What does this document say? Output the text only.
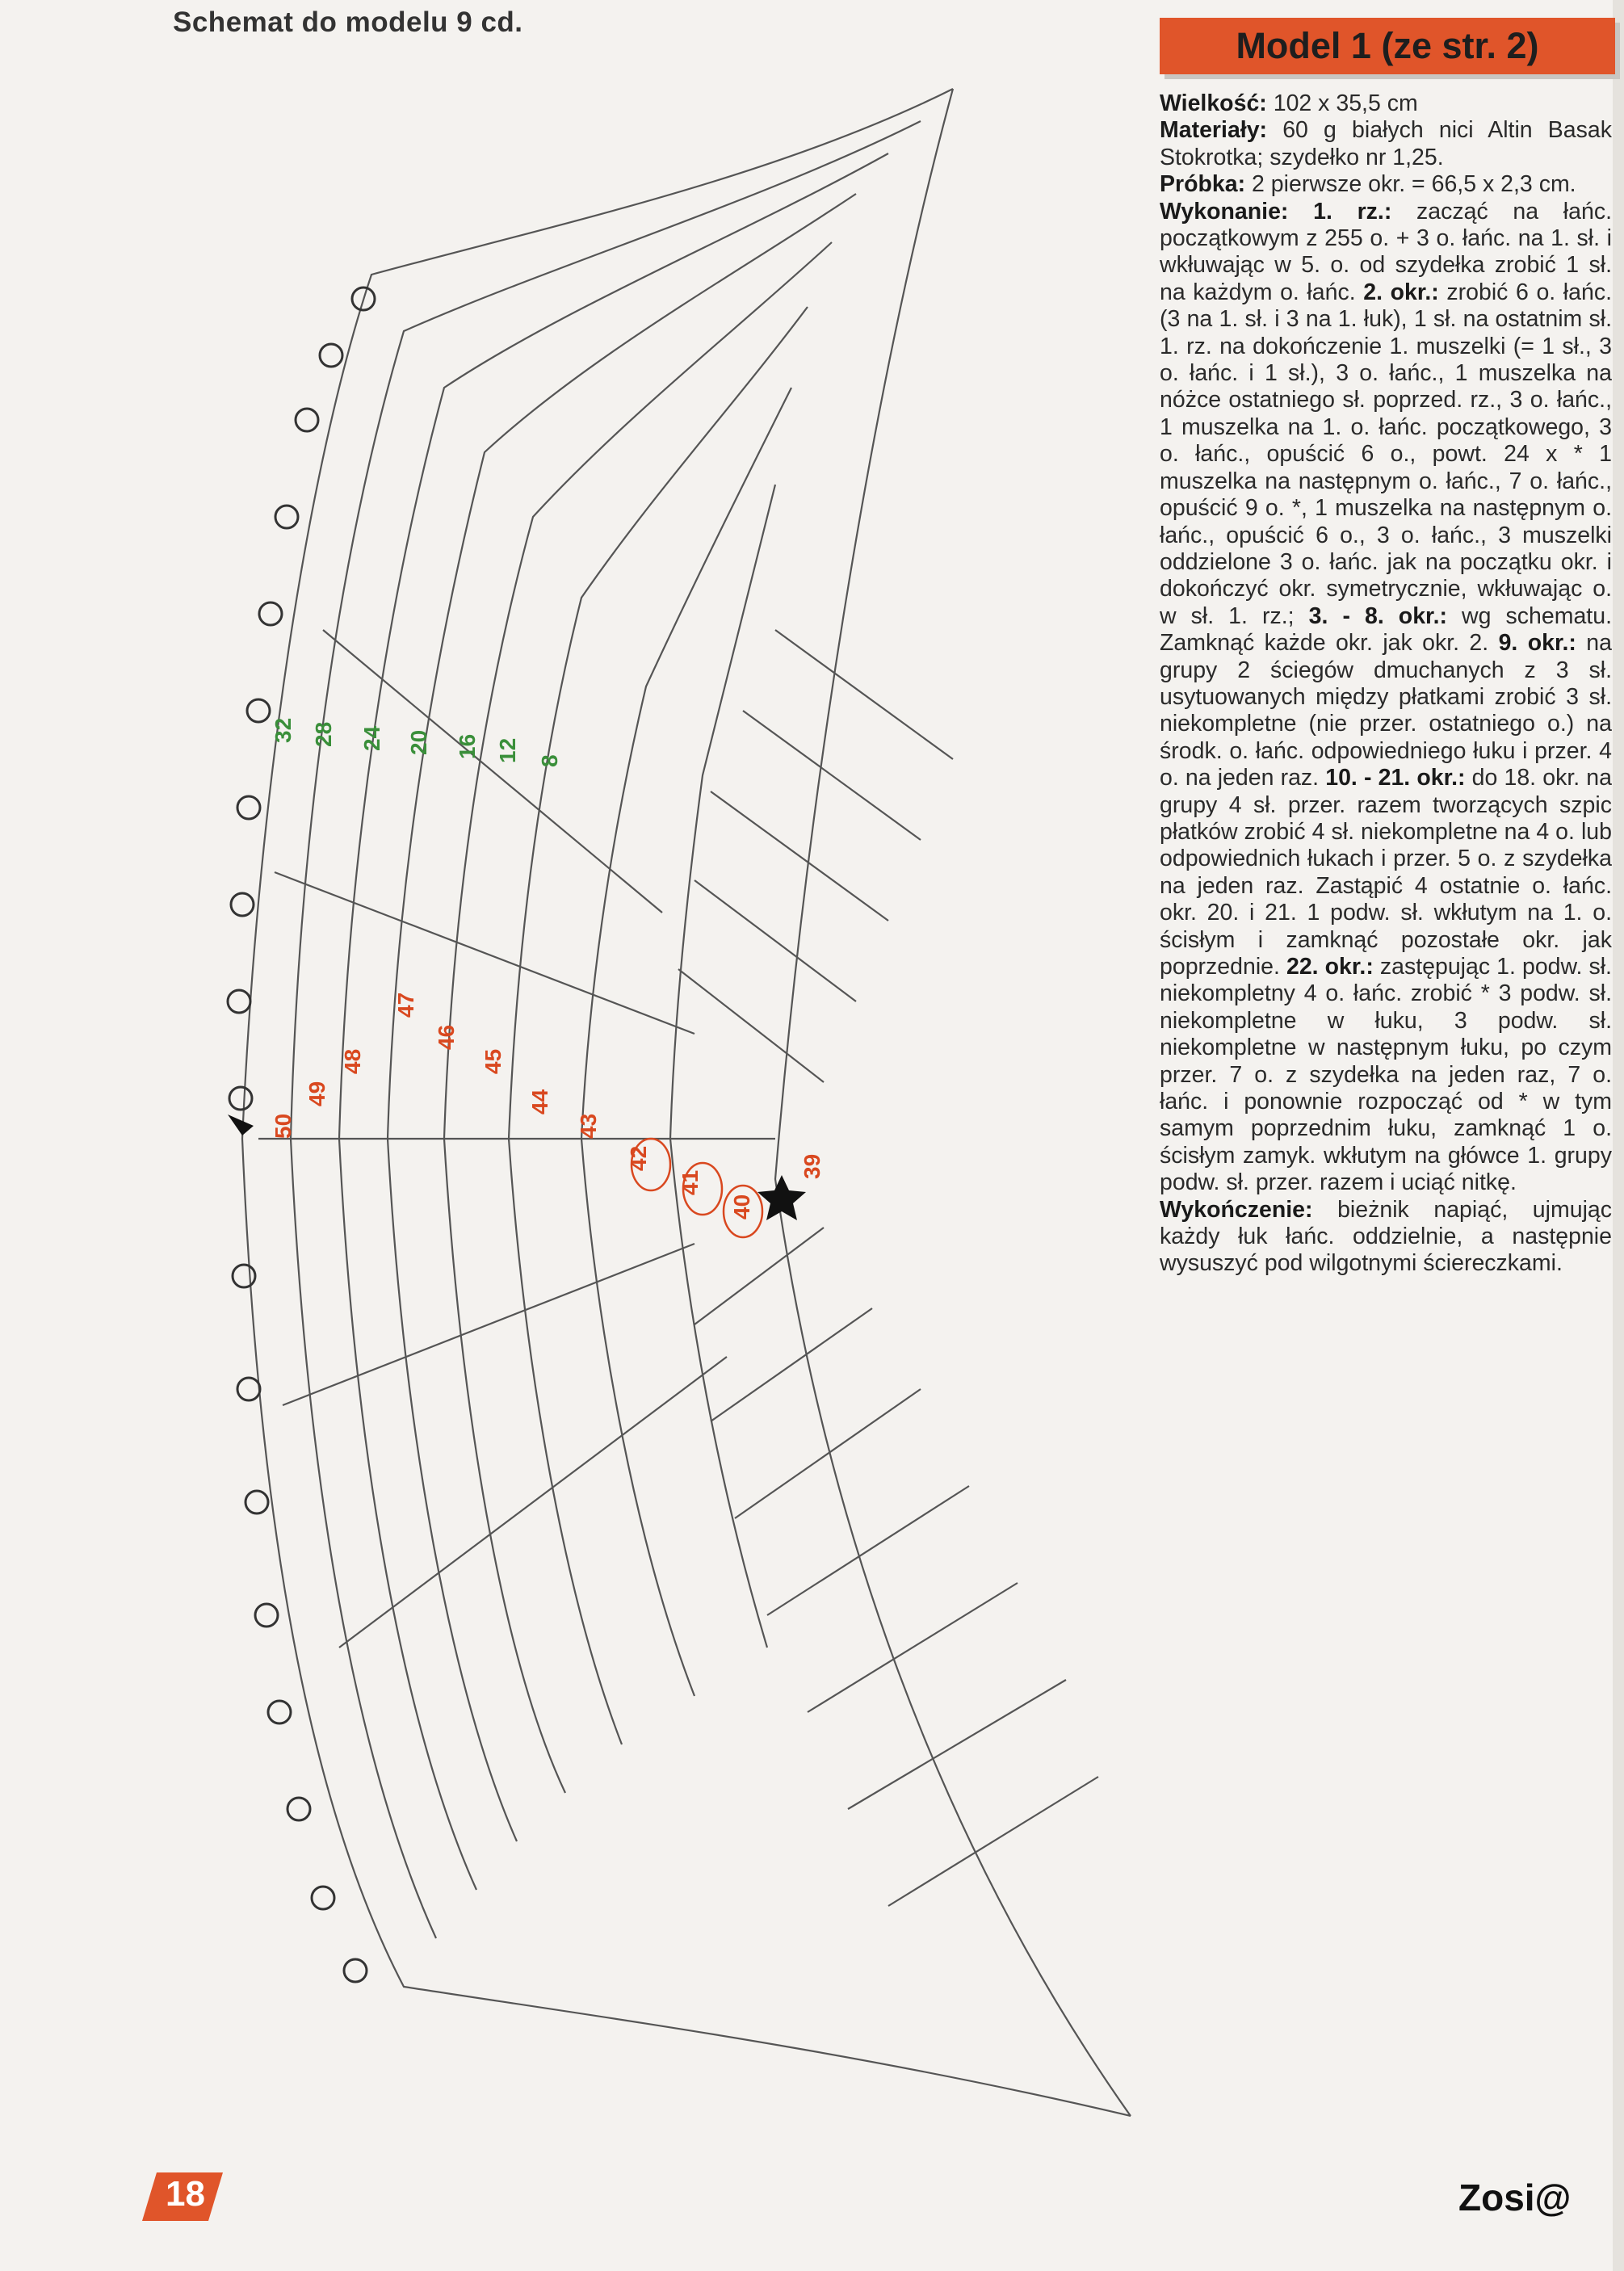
Schemat do modelu 9 cd.
Model 1 (ze str. 2)

Wielkość: 102 x 35,5 cm
Materiały: 60 g białych nici Altin Basak Stokrotka; szydełko nr 1,25.
Próbka: 2 pierwsze okr. = 66,5 x 2,3 cm.
Wykonanie: 1. rz.: zacząć na łańc. początkowym z 255 o. + 3 o. łańc. na 1. sł. i wkłuwając w 5. o. od szydełka zrobić 1 sł. na każdym o. łańc. 2. okr.: zrobić 6 o. łańc. (3 na 1. sł. i 3 na 1. łuk), 1 sł. na ostatnim sł. 1. rz. na dokończenie 1. muszelki (= 1 sł., 3 o. łańc. i 1 sł.), 3 o. łańc., 1 muszelka na nóżce ostatniego sł. poprzed. rz., 3 o. łańc., 1 muszelka na 1. o. łańc. początkowego, 3 o. łańc., opuścić 6 o., powt. 24 x * 1 muszelka na następnym o. łańc., 7 o. łańc., opuścić 9 o. *, 1 muszelka na następnym o. łańc., opuścić 6 o., 3 o. łańc., 3 muszelki oddzielone 3 o. łańc. jak na początku okr. i dokończyć okr. symetrycznie, wkłuwając o. w sł. 1. rz.; 3. - 8. okr.: wg schematu. Zamknąć każde okr. jak okr. 2. 9. okr.: na grupy 2 ściegów dmuchanych z 3 sł. usytuowanych między płatkami zrobić 3 sł. niekompletne (nie przer. ostatniego o.) na środk. o. łańc. odpowiedniego łuku i przer. 4 o. na jeden raz. 10. - 21. okr.: do 18. okr. na grupy 4 sł. przer. razem tworzących szpic płatków zrobić 4 sł. niekompletne na 4 o. lub odpowiednich łukach i przer. 5 o. z szydełka na jeden raz. Zastąpić 4 ostatnie o. łańc. okr. 20. i 21. 1 podw. sł. wkłutym na 1. o. ścisłym i zamknąć pozostałe okr. jak poprzednie. 22. okr.: zastępując 1. podw. sł. niekompletny 4 o. łańc. zrobić * 3 podw. sł. niekompletne w łuku, 3 podw. sł. niekompletne w następnym łuku, po czym przer. 7 o. z szydełka na jeden raz, 7 o. łańc. i ponownie rozpocząć od * w tym samym poprzednim łuku, zamknąć 1 o. ścisłym zamyk. wkłutym na główce 1. grupy podw. sł. przer. razem i uciąć nitkę.
Wykończenie: bieżnik napiąć, ujmując każdy łuk łańc. oddzielnie, a następnie wysuszyć pod wilgotnymi ściereczkami.

32 28 24 20 16 12 8
50
49
48
47
46
45
44
43
42
41
40
39
18	Zosi@
